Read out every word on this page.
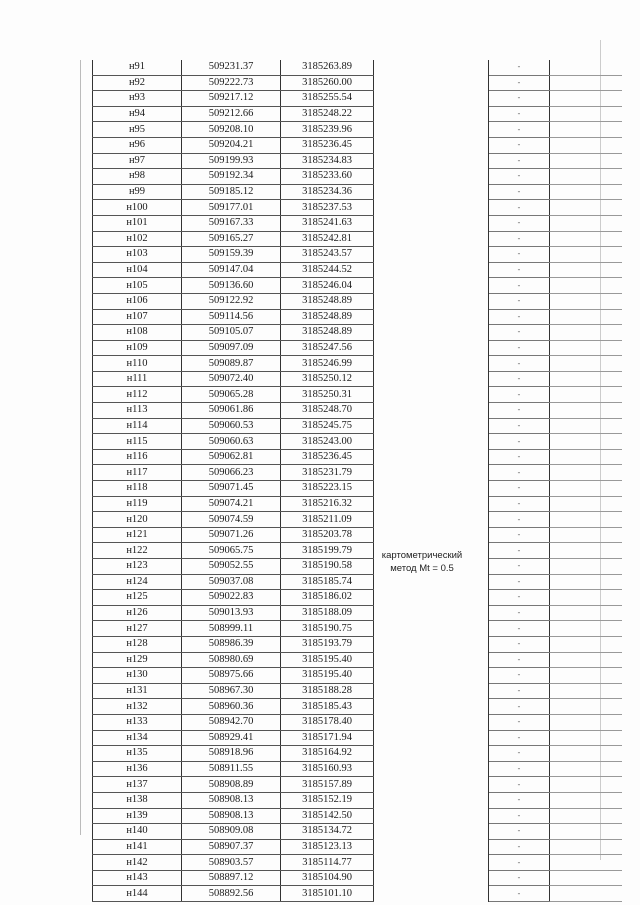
н91	509231.37	3185263.89		-	
н92	509222.73	3185260.00		-	
н93	509217.12	3185255.54		-	
н94	509212.66	3185248.22		-	
н95	509208.10	3185239.96		-	
н96	509204.21	3185236.45		-	
н97	509199.93	3185234.83		-	
н98	509192.34	3185233.60		-	
н99	509185.12	3185234.36		-	
н100	509177.01	3185237.53		-	
н101	509167.33	3185241.63		-	
н102	509165.27	3185242.81		-	
н103	509159.39	3185243.57		-	
н104	509147.04	3185244.52		-	
н105	509136.60	3185246.04		-	
н106	509122.92	3185248.89		-	
н107	509114.56	3185248.89		-	
н108	509105.07	3185248.89		-	
н109	509097.09	3185247.56		-	
н110	509089.87	3185246.99		-	
н111	509072.40	3185250.12		-	
н112	509065.28	3185250.31		-	
н113	509061.86	3185248.70		-	
н114	509060.53	3185245.75		-	
н115	509060.63	3185243.00		-	
н116	509062.81	3185236.45		-	
н117	509066.23	3185231.79		-	
н118	509071.45	3185223.15		-	
н119	509074.21	3185216.32		-	
н120	509074.59	3185211.09		-	
н121	509071.26	3185203.78		-	
н122	509065.75	3185199.79		-	
н123	509052.55	3185190.58		-	
н124	509037.08	3185185.74		-	
н125	509022.83	3185186.02		-	
н126	509013.93	3185188.09		-	
н127	508999.11	3185190.75		-	
н128	508986.39	3185193.79		-	
н129	508980.69	3185195.40		-	
н130	508975.66	3185195.40		-	
н131	508967.30	3185188.28		-	
н132	508960.36	3185185.43		-	
н133	508942.70	3185178.40		-	
н134	508929.41	3185171.94		-	
н135	508918.96	3185164.92		-	
н136	508911.55	3185160.93		-	
н137	508908.89	3185157.89		-	
н138	508908.13	3185152.19		-	
н139	508908.13	3185142.50		-	
н140	508909.08	3185134.72		-	
н141	508907.37	3185123.13		-	
н142	508903.57	3185114.77		-	
н143	508897.12	3185104.90		-	
н144	508892.56	3185101.10		-	
картометрический
метод Mt = 0.5
